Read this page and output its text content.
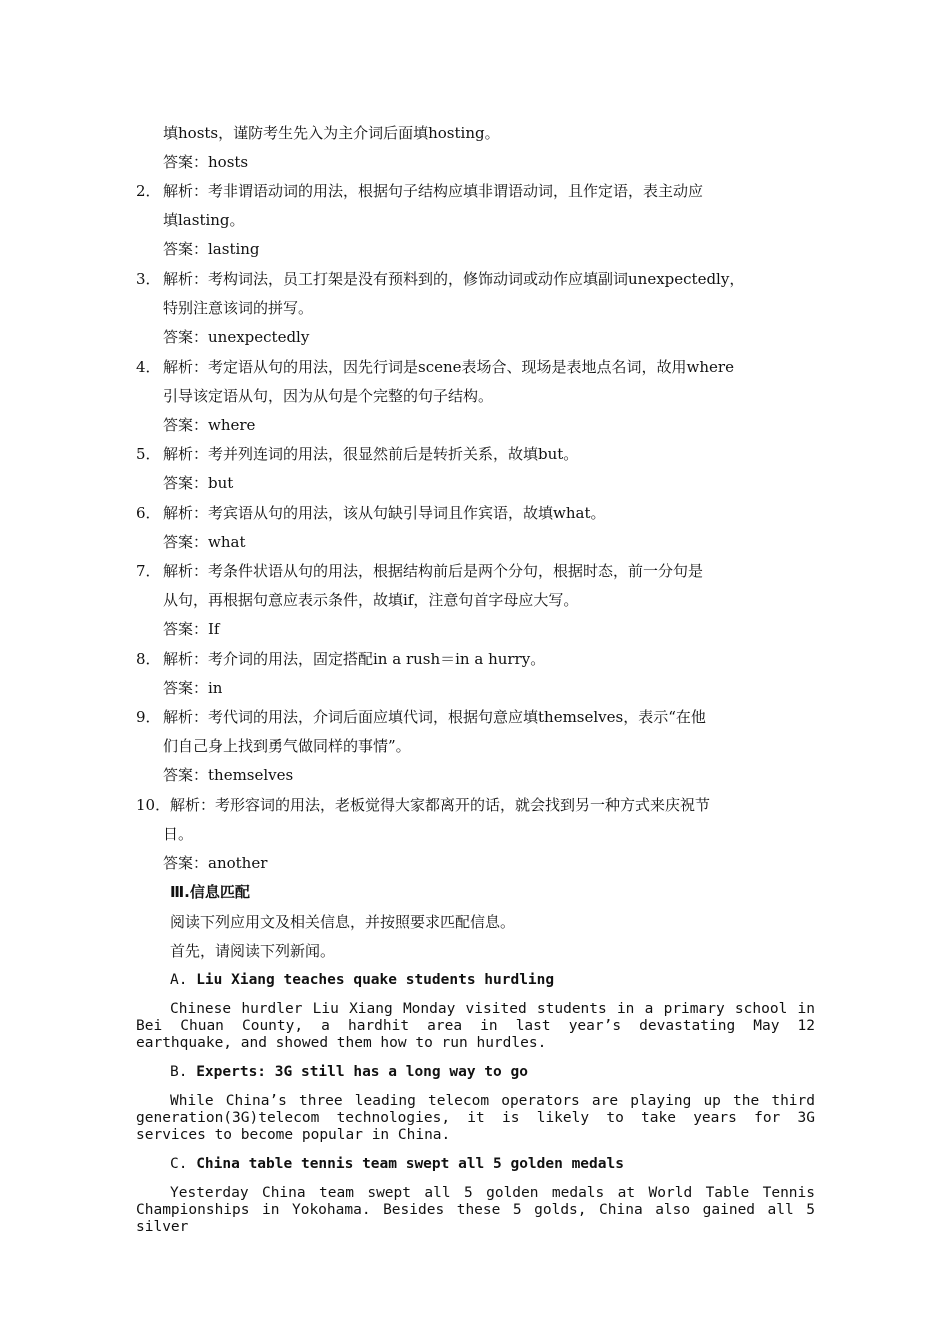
填hosts，谨防考生先入为主介词后面填hosting。
答案：hosts
2． 解析：考非谓语动词的用法，根据句子结构应填非谓语动词，且作定语，表主动应
填lasting。
答案：lasting
3． 解析：考构词法，员工打架是没有预料到的，修饰动词或动作应填副词unexpectedly，
特别注意该词的拼写。
答案：unexpectedly
4． 解析：考定语从句的用法，因先行词是scene表场合、现场是表地点名词，故用where
引导该定语从句，因为从句是个完整的句子结构。
答案：where
5． 解析：考并列连词的用法，很显然前后是转折关系，故填but。
答案：but
6． 解析：考宾语从句的用法，该从句缺引导词且作宾语，故填what。
答案：what
7． 解析：考条件状语从句的用法，根据结构前后是两个分句，根据时态，前一分句是
从句，再根据句意应表示条件，故填if，注意句首字母应大写。
答案：If
8． 解析：考介词的用法，固定搭配in a rush＝in a hurry。
答案：in
9． 解析：考代词的用法，介词后面应填代词，根据句意应填themselves，表示“在他
们自己身上找到勇气做同样的事情”。
答案：themselves
10． 解析：考形容词的用法，老板觉得大家都离开的话，就会找到另一种方式来庆祝节
日。
答案：another
Ⅲ.信息匹配
阅读下列应用文及相关信息，并按照要求匹配信息。
首先，请阅读下列新闻。
A. Liu Xiang teaches quake students hurdling
Chinese hurdler Liu Xiang Monday visited students in a primary school in Bei Chuan County, a hardhit area in last year’s devastating May 12 earthquake, and showed them how to run hurdles.
B. Experts: 3G still has a long way to go
While China’s three leading telecom operators are playing up the third generation(3G)telecom technologies, it is likely to take years for 3G services to become popular in China.
C. China table tennis team swept all 5 golden medals
Yesterday China team swept all 5 golden medals at World Table Tennis Championships in Yokohama. Besides these 5 golds, China also gained all 5 silver
